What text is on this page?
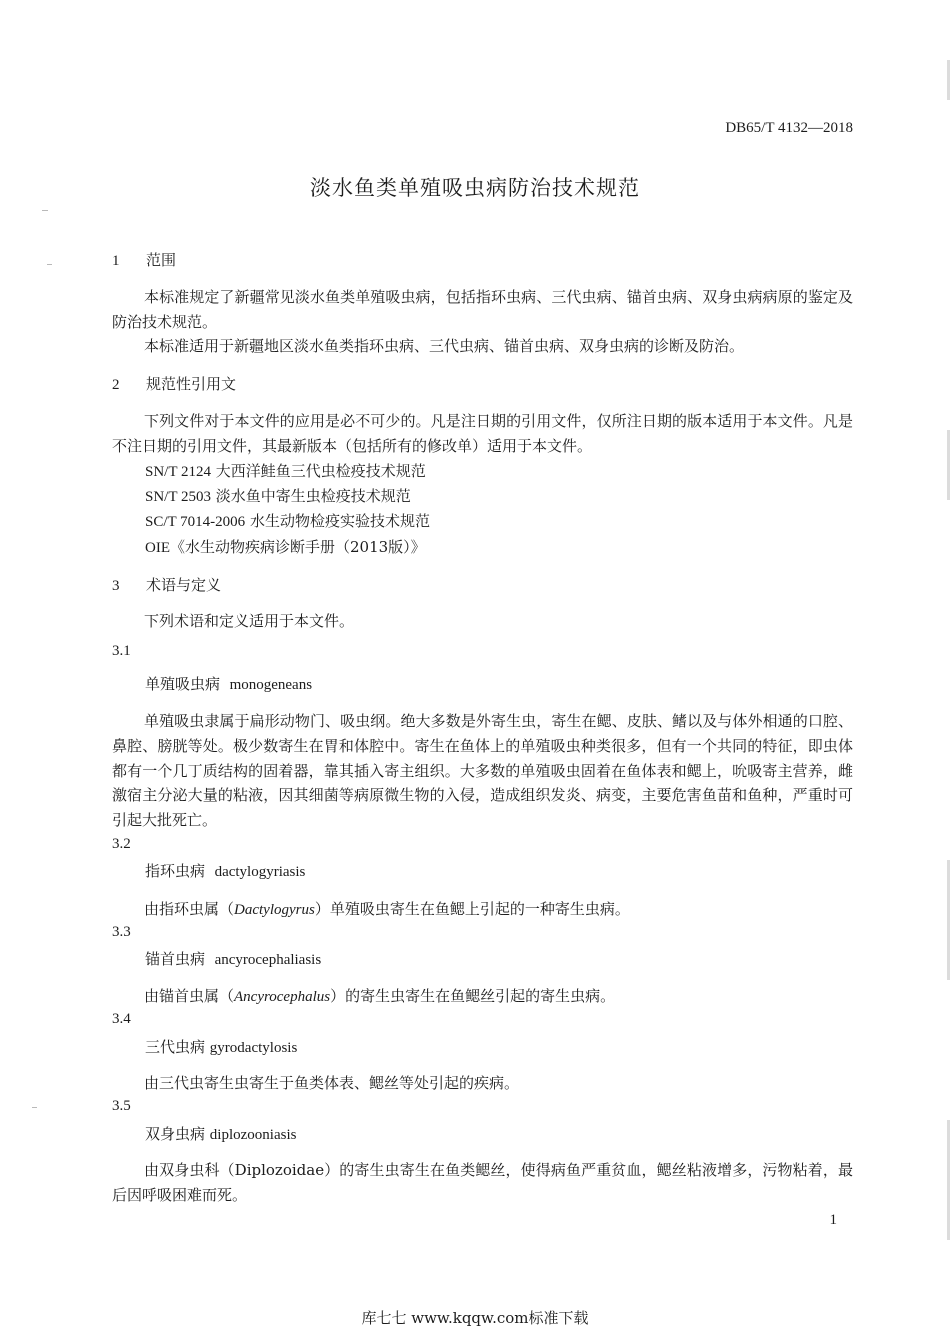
DB65/T 4132—2018
淡水鱼类单殖吸虫病防治技术规范
1 范围
本标准规定了新疆常见淡水鱼类单殖吸虫病，包括指环虫病、三代虫病、锚首虫病、双身虫病病原的鉴定及防治技术规范。
本标准适用于新疆地区淡水鱼类指环虫病、三代虫病、锚首虫病、双身虫病的诊断及防治。
2 规范性引用文
下列文件对于本文件的应用是必不可少的。凡是注日期的引用文件，仅所注日期的版本适用于本文件。凡是不注日期的引用文件，其最新版本（包括所有的修改单）适用于本文件。
SN/T 2124 大西洋鲑鱼三代虫检疫技术规范
SN/T 2503 淡水鱼中寄生虫检疫技术规范
SC/T 7014-2006 水生动物检疫实验技术规范
OIE《水生动物疾病诊断手册（2013版）》
3 术语与定义
下列术语和定义适用于本文件。
3.1
单殖吸虫病 monogeneans
单殖吸虫隶属于扁形动物门、吸虫纲。绝大多数是外寄生虫，寄生在鳃、皮肤、鳍以及与体外相通的口腔、鼻腔、膀胱等处。极少数寄生在胃和体腔中。寄生在鱼体上的单殖吸虫种类很多，但有一个共同的特征，即虫体都有一个几丁质结构的固着器，靠其插入寄主组织。大多数的单殖吸虫固着在鱼体表和鳃上，吮吸寄主营养，雌激宿主分泌大量的粘液，因其细菌等病原微生物的入侵，造成组织发炎、病变，主要危害鱼苗和鱼种，严重时可引起大批死亡。
3.2
指环虫病 dactylogyriasis
由指环虫属（Dactylogyrus）单殖吸虫寄生在鱼鳃上引起的一种寄生虫病。
3.3
锚首虫病 ancyrocephaliasis
由锚首虫属（Ancyrocephalus）的寄生虫寄生在鱼鳃丝引起的寄生虫病。
3.4
三代虫病 gyrodactylosis
由三代虫寄生虫寄生于鱼类体表、鳃丝等处引起的疾病。
3.5
双身虫病 diplozooniasis
由双身虫科（Diplozoidae）的寄生虫寄生在鱼类鳃丝，使得病鱼严重贫血，鳃丝粘液增多，污物粘着，最后因呼吸困难而死。
1
库七七 www.kqqw.com标准下载
